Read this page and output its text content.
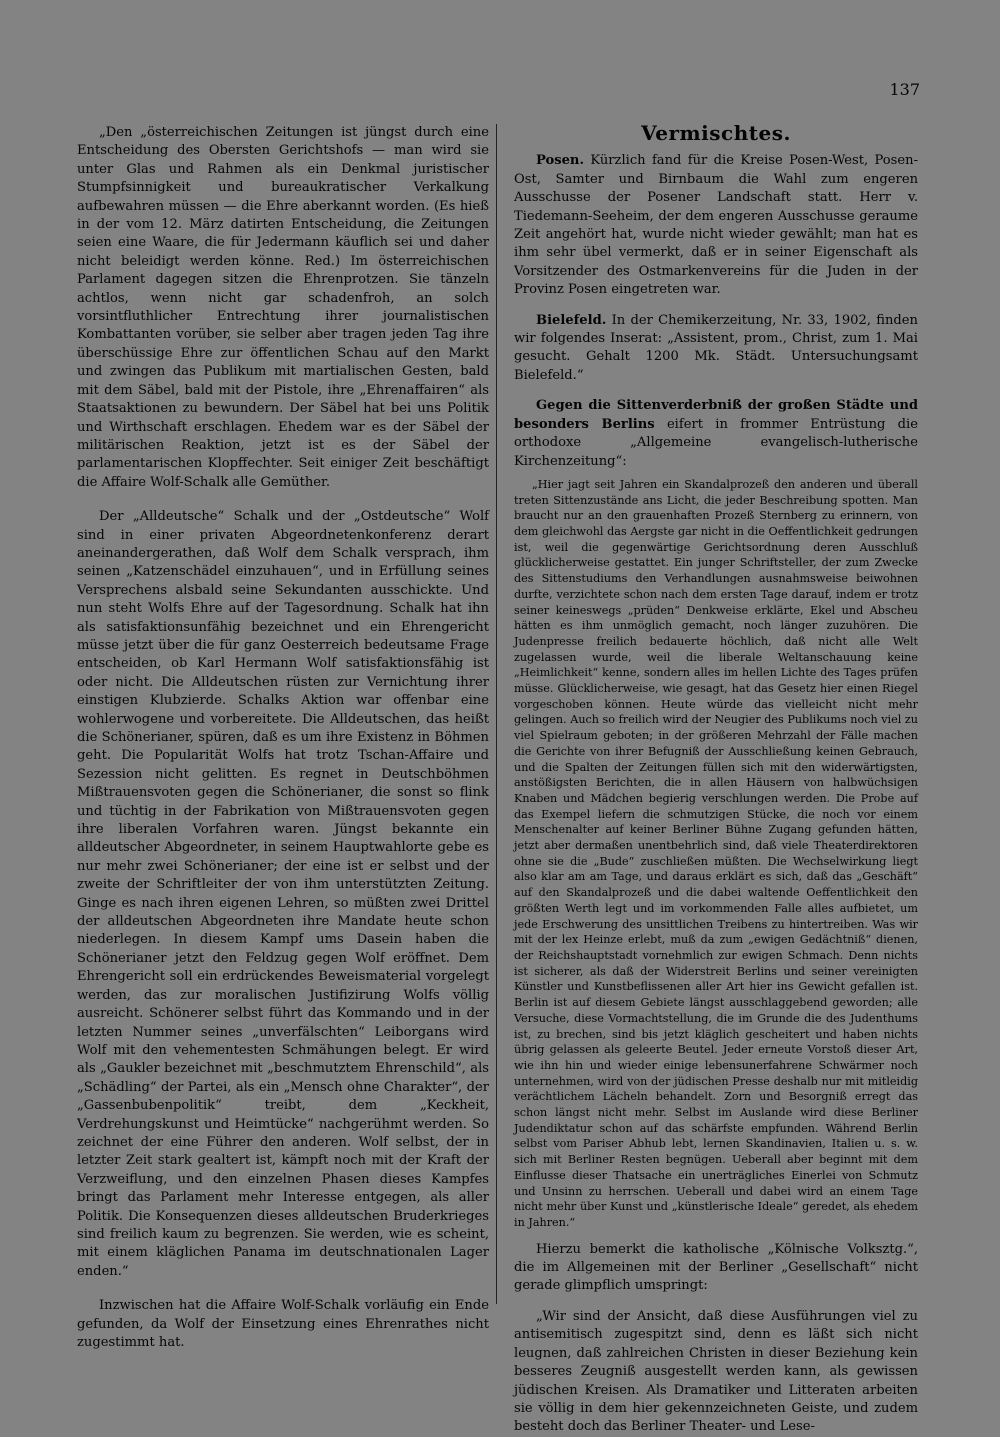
137

„Den „österreichischen Zeitungen ist jüngst durch eine Entscheidung des Obersten Gerichtshofs — man wird sie unter Glas und Rahmen als ein Denkmal juristischer Stumpfsinnigkeit und bureaukratischer Verkalkung aufbewahren müssen — die Ehre aberkannt worden. (Es hieß in der vom 12. März datirten Entscheidung, die Zeitungen seien eine Waare, die für Jedermann käuflich sei und daher nicht beleidigt werden könne. Red.) Im österreichischen Parlament dagegen sitzen die Ehrenprotzen. Sie tänzeln achtlos, wenn nicht gar schadenfroh, an solch vorsintfluthlicher Entrechtung ihrer journalistischen Kombattanten vorüber, sie selber aber tragen jeden Tag ihre überschüssige Ehre zur öffentlichen Schau auf den Markt und zwingen das Publikum mit martialischen Gesten, bald mit dem Säbel, bald mit der Pistole, ihre „Ehrenaffairen“ als Staatsaktionen zu bewundern. Der Säbel hat bei uns Politik und Wirthschaft erschlagen. Ehedem war es der Säbel der militärischen Reaktion, jetzt ist es der Säbel der parlamentarischen Klopffechter. Seit einiger Zeit beschäftigt die Affaire Wolf-Schalk alle Gemüther.

Der „Alldeutsche“ Schalk und der „Ostdeutsche“ Wolf sind in einer privaten Abgeordnetenkonferenz derart aneinandergerathen, daß Wolf dem Schalk versprach, ihm seinen „Katzenschädel einzuhauen“, und in Erfüllung seines Versprechens alsbald seine Sekundanten ausschickte. Und nun steht Wolfs Ehre auf der Tagesordnung. Schalk hat ihn als satisfaktionsunfähig bezeichnet und ein Ehrengericht müsse jetzt über die für ganz Oesterreich bedeutsame Frage entscheiden, ob Karl Hermann Wolf satisfaktionsfähig ist oder nicht. Die Alldeutschen rüsten zur Vernichtung ihrer einstigen Klubzierde. Schalks Aktion war offenbar eine wohlerwogene und vorbereitete. Die Alldeutschen, das heißt die Schönerianer, spüren, daß es um ihre Existenz in Böhmen geht. Die Popularität Wolfs hat trotz Tschan-Affaire und Sezession nicht gelitten. Es regnet in Deutschböhmen Mißtrauensvoten gegen die Schönerianer, die sonst so flink und tüchtig in der Fabrikation von Mißtrauensvoten gegen ihre liberalen Vorfahren waren. Jüngst bekannte ein alldeutscher Abgeordneter, in seinem Hauptwahlorte gebe es nur mehr zwei Schönerianer; der eine ist er selbst und der zweite der Schriftleiter der von ihm unterstützten Zeitung. Ginge es nach ihren eigenen Lehren, so müßten zwei Drittel der alldeutschen Abgeordneten ihre Mandate heute schon niederlegen. In diesem Kampf ums Dasein haben die Schönerianer jetzt den Feldzug gegen Wolf eröffnet. Dem Ehrengericht soll ein erdrückendes Beweismaterial vorgelegt werden, das zur moralischen Justifizirung Wolfs völlig ausreicht. Schönerer selbst führt das Kommando und in der letzten Nummer seines „unverfälschten“ Leiborgans wird Wolf mit den vehementesten Schmähungen belegt. Er wird als „Gaukler bezeichnet mit „beschmutztem Ehrenschild“, als „Schädling“ der Partei, als ein „Mensch ohne Charakter“, der „Gassenbubenpolitik“ treibt, dem „Keckheit, Verdrehungskunst und Heimtücke“ nachgerühmt werden. So zeichnet der eine Führer den anderen. Wolf selbst, der in letzter Zeit stark gealtert ist, kämpft noch mit der Kraft der Verzweiflung, und den einzelnen Phasen dieses Kampfes bringt das Parlament mehr Interesse entgegen, als aller Politik. Die Konsequenzen dieses alldeutschen Bruderkrieges sind freilich kaum zu begrenzen. Sie werden, wie es scheint, mit einem kläglichen Panama im deutschnationalen Lager enden.“

Inzwischen hat die Affaire Wolf-Schalk vorläufig ein Ende gefunden, da Wolf der Einsetzung eines Ehrenrathes nicht zugestimmt hat.

Vermischtes.

Posen. Kürzlich fand für die Kreise Posen-West, Posen-Ost, Samter und Birnbaum die Wahl zum engeren Ausschusse der Posener Landschaft statt. Herr v. Tiedemann-Seeheim, der dem engeren Ausschusse geraume Zeit angehört hat, wurde nicht wieder gewählt; man hat es ihm sehr übel vermerkt, daß er in seiner Eigenschaft als Vorsitzender des Ostmarkenvereins für die Juden in der Provinz Posen eingetreten war.

Bielefeld. In der Chemikerzeitung, Nr. 33, 1902, finden wir folgendes Inserat: „Assistent, prom., Christ, zum 1. Mai gesucht. Gehalt 1200 Mk. Städt. Untersuchungsamt Bielefeld.“

Gegen die Sittenverderbniß der großen Städte und besonders Berlins eifert in frommer Entrüstung die orthodoxe „Allgemeine evangelisch-lutherische Kirchenzeitung“:

„Hier jagt seit Jahren ein Skandalprozeß den anderen und überall treten Sittenzustände ans Licht, die jeder Beschreibung spotten. Man braucht nur an den grauenhaften Prozeß Sternberg zu erinnern, von dem gleichwohl das Aergste gar nicht in die Oeffentlichkeit gedrungen ist, weil die gegenwärtige Gerichtsordnung deren Ausschluß glücklicherweise gestattet. Ein junger Schriftsteller, der zum Zwecke des Sittenstudiums den Verhandlungen ausnahmsweise beiwohnen durfte, verzichtete schon nach dem ersten Tage darauf, indem er trotz seiner keineswegs „prüden“ Denkweise erklärte, Ekel und Abscheu hätten es ihm unmöglich gemacht, noch länger zuzuhören. Die Judenpresse freilich bedauerte höchlich, daß nicht alle Welt zugelassen wurde, weil die liberale Weltanschauung keine „Heimlichkeit“ kenne, sondern alles im hellen Lichte des Tages prüfen müsse. Glücklicherweise, wie gesagt, hat das Gesetz hier einen Riegel vorgeschoben können. Heute würde das vielleicht nicht mehr gelingen. Auch so freilich wird der Neugier des Publikums noch viel zu viel Spielraum geboten; in der größeren Mehrzahl der Fälle machen die Gerichte von ihrer Befugniß der Ausschließung keinen Gebrauch, und die Spalten der Zeitungen füllen sich mit den widerwärtigsten, anstößigsten Berichten, die in allen Häusern von halbwüchsigen Knaben und Mädchen begierig verschlungen werden. Die Probe auf das Exempel liefern die schmutzigen Stücke, die noch vor einem Menschenalter auf keiner Berliner Bühne Zugang gefunden hätten, jetzt aber dermaßen unentbehrlich sind, daß viele Theaterdirektoren ohne sie die „Bude“ zuschließen müßten. Die Wechselwirkung liegt also klar am am Tage, und daraus erklärt es sich, daß das „Geschäft“ auf den Skandalprozeß und die dabei waltende Oeffentlichkeit den größten Werth legt und im vorkommenden Falle alles aufbietet, um jede Erschwerung des unsittlichen Treibens zu hintertreiben. Was wir mit der lex Heinze erlebt, muß da zum „ewigen Gedächtniß“ dienen, der Reichshauptstadt vornehmlich zur ewigen Schmach. Denn nichts ist sicherer, als daß der Widerstreit Berlins und seiner vereinigten Künstler und Kunstbeflissenen aller Art hier ins Gewicht gefallen ist. Berlin ist auf diesem Gebiete längst ausschlaggebend geworden; alle Versuche, diese Vormachtstellung, die im Grunde die des Judenthums ist, zu brechen, sind bis jetzt kläglich gescheitert und haben nichts übrig gelassen als geleerte Beutel. Jeder erneute Vorstoß dieser Art, wie ihn hin und wieder einige lebensunerfahrene Schwärmer noch unternehmen, wird von der jüdischen Presse deshalb nur mit mitleidig verächtlichem Lächeln behandelt. Zorn und Besorgniß erregt das schon längst nicht mehr. Selbst im Auslande wird diese Berliner Judendiktatur schon auf das schärfste empfunden. Während Berlin selbst vom Pariser Abhub lebt, lernen Skandinavien, Italien u. s. w. sich mit Berliner Resten begnügen. Ueberall aber beginnt mit dem Einflusse dieser Thatsache ein unerträgliches Einerlei von Schmutz und Unsinn zu herrschen. Ueberall und dabei wird an einem Tage nicht mehr über Kunst und „künstlerische Ideale“ geredet, als ehedem in Jahren.“

Hierzu bemerkt die katholische „Kölnische Volksztg.“, die im Allgemeinen mit der Berliner „Gesellschaft“ nicht gerade glimpflich umspringt:

„Wir sind der Ansicht, daß diese Ausführungen viel zu antisemitisch zugespitzt sind, denn es läßt sich nicht leugnen, daß zahlreichen Christen in dieser Beziehung kein besseres Zeugniß ausgestellt werden kann, als gewissen jüdischen Kreisen. Als Dramatiker und Litteraten arbeiten sie völlig in dem hier gekennzeichneten Geiste, und zudem besteht doch das Berliner Theater- und Lese-
